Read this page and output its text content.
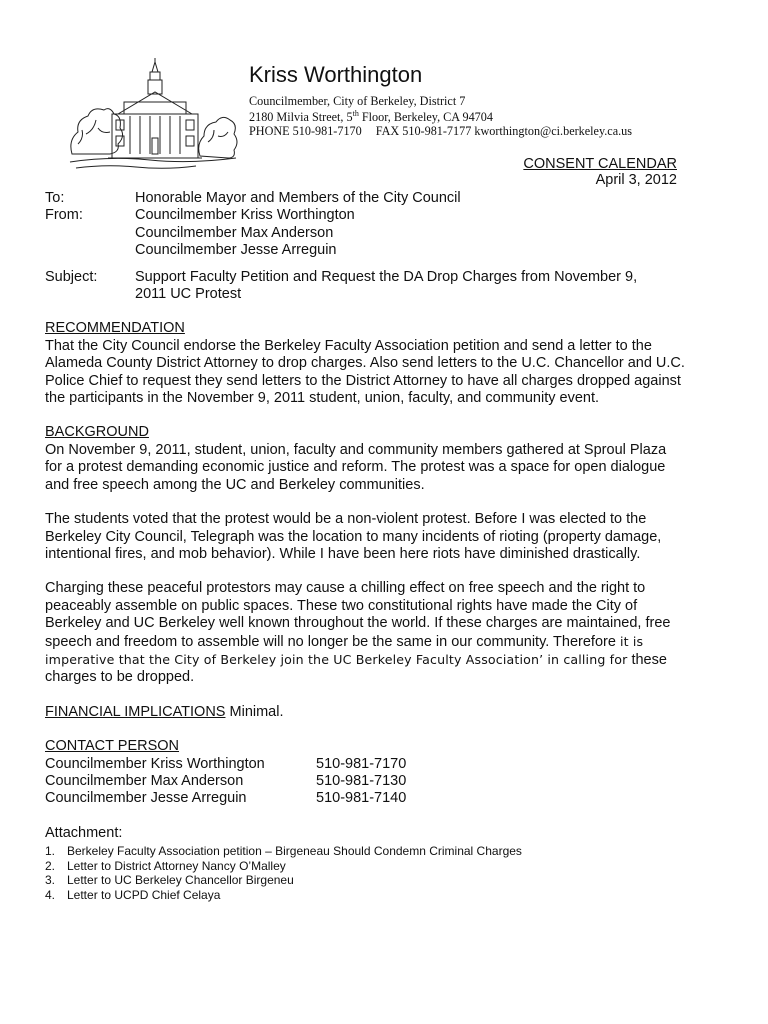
Kriss Worthington
Councilmember, City of Berkeley, District 7
2180 Milvia Street, 5th Floor, Berkeley, CA 94704
PHONE 510-981-7170 FAX 510-981-7177 kworthington@ci.berkeley.ca.us
CONSENT CALENDAR
April 3, 2012
To:	Honorable Mayor and Members of the City Council
From:	Councilmember Kriss Worthington
Councilmember Max Anderson
Councilmember Jesse Arreguin
Subject:	Support Faculty Petition and Request the DA Drop Charges from November 9,
2011 UC Protest
RECOMMENDATION

That the City Council endorse the Berkeley Faculty Association petition and send a letter to the Alameda County District Attorney to drop charges. Also send letters to the U.C. Chancellor and U.C. Police Chief to request they send letters to the District Attorney to have all charges dropped against the participants in the November 9, 2011 student, union, faculty, and community event.

BACKGROUND

On November 9, 2011, student, union, faculty and community members gathered at Sproul Plaza for a protest demanding economic justice and reform. The protest was a space for open dialogue and free speech among the UC and Berkeley communities.

The students voted that the protest would be a non-violent protest. Before I was elected to the Berkeley City Council, Telegraph was the location to many incidents of rioting (property damage, intentional fires, and mob behavior). While I have been here riots have diminished drastically.

Charging these peaceful protestors may cause a chilling effect on free speech and the right to peaceably assemble on public spaces. These two constitutional rights have made the City of Berkeley and UC Berkeley well known throughout the world. If these charges are maintained, free speech and freedom to assemble will no longer be the same in our community. Therefore it is imperative that the City of Berkeley join the UC Berkeley Faculty Association’ in calling for these charges to be dropped.

FINANCIAL IMPLICATIONS Minimal.

CONTACT PERSON
Councilmember Kriss Worthington	510-981-7170
Councilmember Max Anderson	510-981-7130
Councilmember Jesse Arreguin	510-981-7140
Attachment:
1. Berkeley Faculty Association petition – Birgeneau Should Condemn Criminal Charges
2. Letter to District Attorney Nancy O’Malley
3. Letter to UC Berkeley Chancellor Birgeneu
4. Letter to UCPD Chief Celaya
